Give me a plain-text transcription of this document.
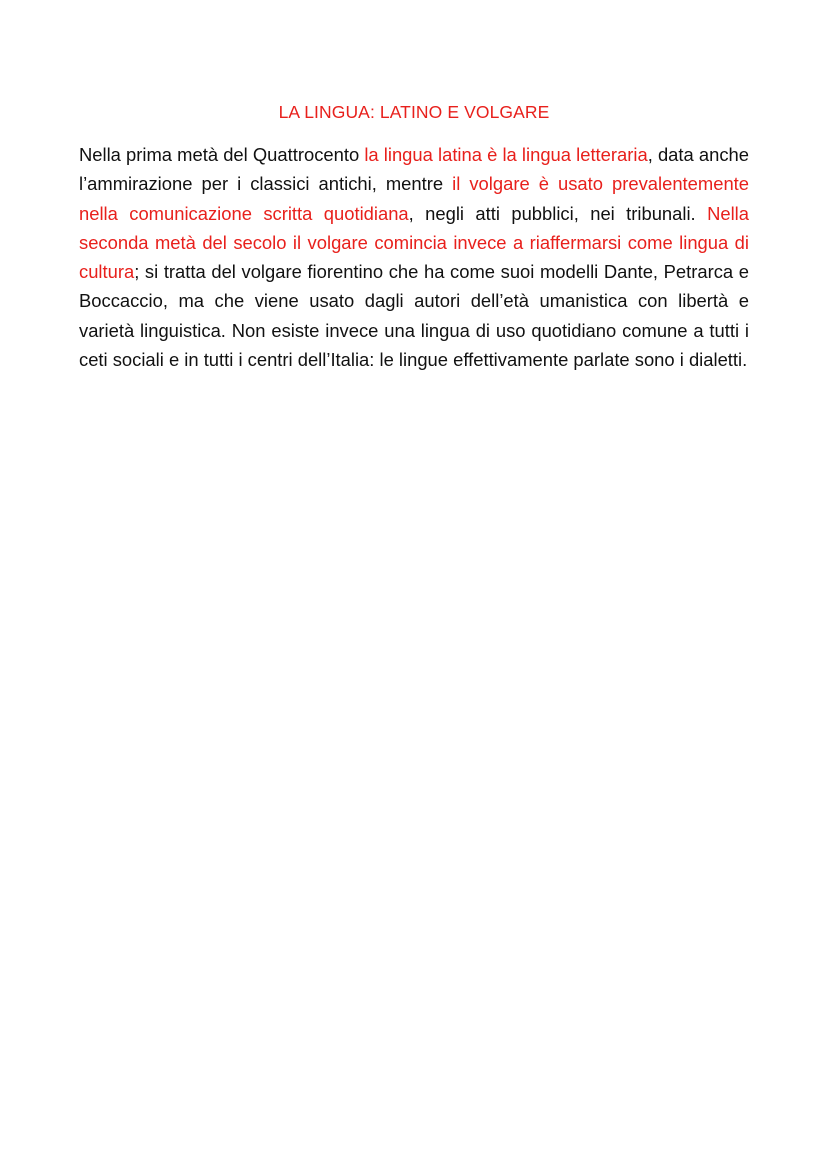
LA LINGUA: LATINO E VOLGARE

Nella prima metà del Quattrocento la lingua latina è la lingua letteraria, data anche l’ammirazione per i classici antichi, mentre il volgare è usato prevalentemente nella comunicazione scritta quotidiana, negli atti pubblici, nei tribunali. Nella seconda metà del secolo il volgare comincia invece a riaffermarsi come lingua di cultura; si tratta del volgare fiorentino che ha come suoi modelli Dante, Petrarca e Boccaccio, ma che viene usato dagli autori dell’età umanistica con libertà e varietà linguistica. Non esiste invece una lingua di uso quotidiano comune a tutti i ceti sociali e in tutti i centri dell’Italia: le lingue effettivamente parlate sono i dialetti.
